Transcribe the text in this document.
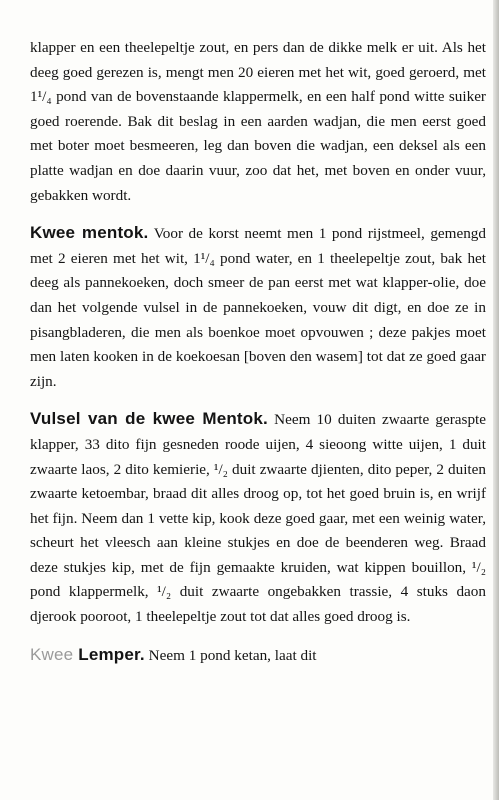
klapper en een theelepeltje zout, en pers dan de dikke melk er uit. Als het deeg goed gerezen is, mengt men 20 eieren met het wit, goed geroerd, met 1¹/₄ pond van de bovenstaande klappermelk, en een half pond witte suiker goed roerende. Bak dit beslag in een aarden wadjan, die men eerst goed met boter moet besmeeren, leg dan boven die wadjan, een deksel als een platte wadjan en doe daarin vuur, zoo dat het, met boven en onder vuur, gebakken wordt.

Kwee mentok. Voor de korst neemt men 1 pond rijstmeel, gemengd met 2 eieren met het wit, 1¹/₄ pond water, en 1 theelepeltje zout, bak het deeg als pannekoeken, doch smeer de pan eerst met wat klapper-olie, doe dan het volgende vulsel in de pannekoeken, vouw dit digt, en doe ze in pisangbladeren, die men als boenkoe moet opvouwen ; deze pakjes moet men laten kooken in de koekoesan [boven den wasem] tot dat ze goed gaar zijn.

Vulsel van de kwee Mentok. Neem 10 duiten zwaarte geraspte klapper, 33 dito fijn gesneden roode uijen, 4 sieoong witte uijen, 1 duit zwaarte laos, 2 dito kemierie, ¹/₂ duit zwaarte djienten, dito peper, 2 duiten zwaarte ketoembar, braad dit alles droog op, tot het goed bruin is, en wrijf het fijn. Neem dan 1 vette kip, kook deze goed gaar, met een weinig water, scheurt het vleesch aan kleine stukjes en doe de beenderen weg. Braad deze stukjes kip, met de fijn gemaakte kruiden, wat kippen bouillon, ¹/₂ pond klappermelk, ¹/₂ duit zwaarte ongebakken trassie, 4 stuks daon djerook pooroot, 1 theelepeltje zout tot dat alles goed droog is.

Kwee Lemper. Neem 1 pond ketan, laat dit
